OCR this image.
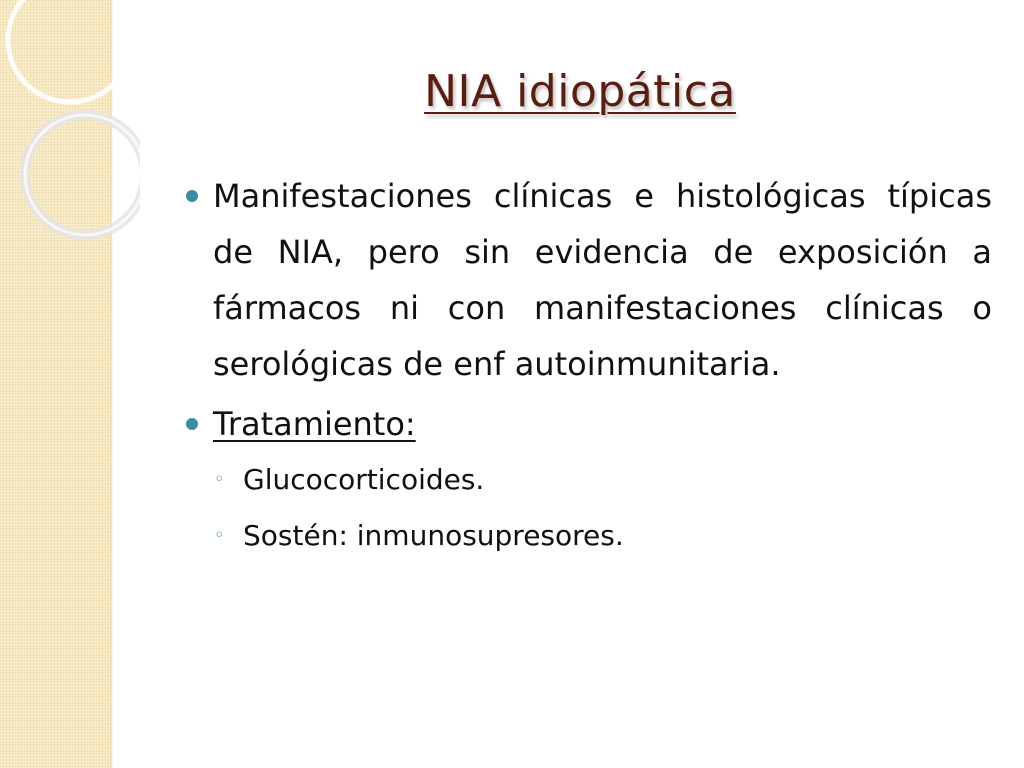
NIA idiopática
Manifestaciones clínicas e histológicas típicas de NIA, pero sin evidencia de exposición a fármacos ni con manifestaciones clínicas o serológicas de enf autoinmunitaria.
Tratamiento:
◦ Glucocorticoides.
◦ Sostén: inmunosupresores.
